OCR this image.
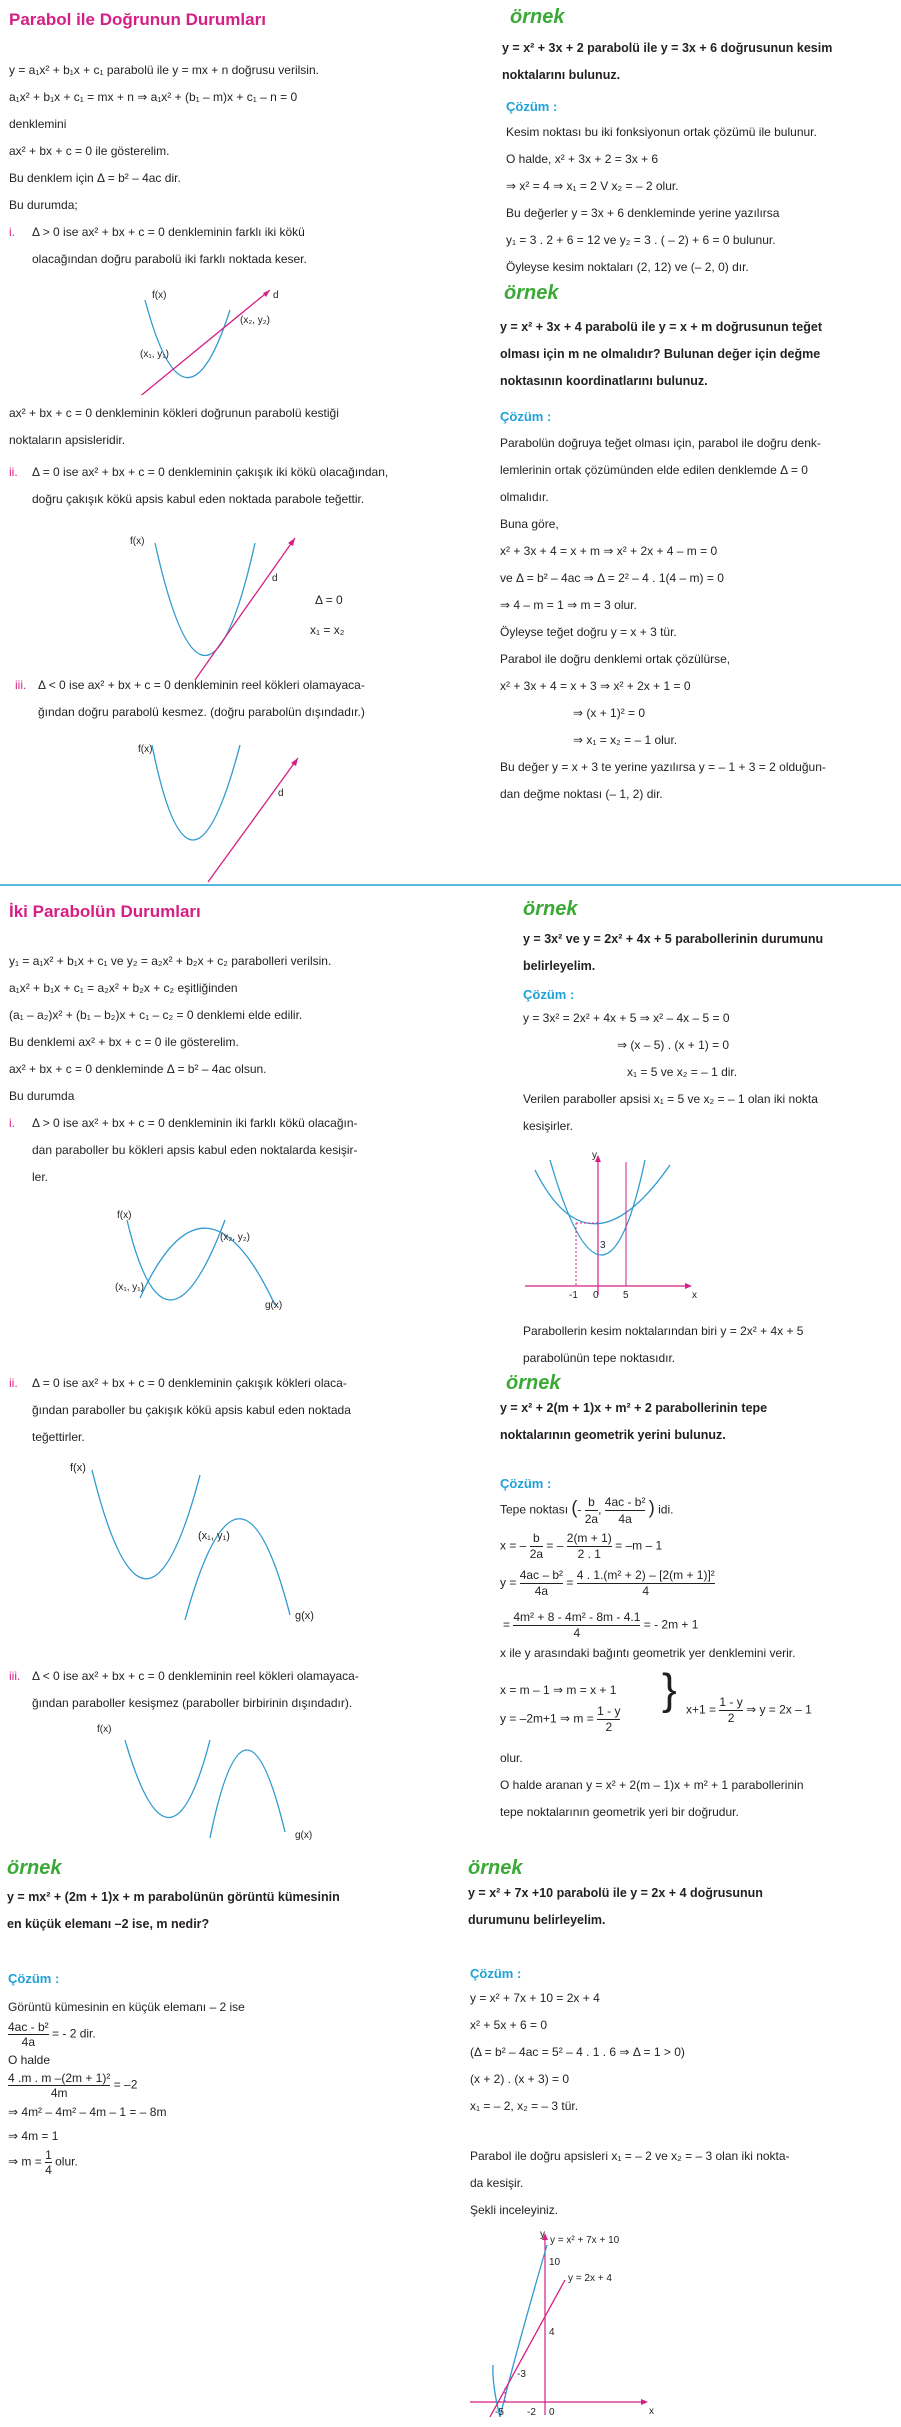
Parabol ile Doğrunun Durumları
y = a₁x² + b₁x + c₁ parabolü ile y = mx + n doğrusu verilsin.
a₁x² + b₁x + c₁ = mx + n ⇒ a₁x² + (b₁ – m)x + c₁ – n = 0
denklemini
ax² + bx + c = 0 ile gösterelim.
Bu denklem için Δ = b² – 4ac dir.
Bu durumda;
i. Δ > 0 ise ax² + bx + c = 0 denkleminin farklı iki kökü
olacağından doğru parabolü iki farklı noktada keser.
f(x)	d
(x₁, y₁)
(x₂, y₂)
ax² + bx + c = 0 denkleminin kökleri doğrunun parabolü kestiği
noktaların apsisleridir.
ii. Δ = 0 ise ax² + bx + c = 0 denkleminin çakışık iki kökü olacağından,
doğru çakışık kökü apsis kabul eden noktada parabole teğettir.
f(x)
d
Δ = 0
x₁ = x₂
iii. Δ < 0 ise ax² + bx + c = 0 denkleminin reel kökleri olamayaca-
ğından doğru parabolü kesmez. (doğru parabolün dışındadır.)
f(x)
d
örnek
y = x² + 3x + 2 parabolü ile y = 3x + 6 doğrusunun kesim
noktalarını bulunuz.
Çözüm :
Kesim noktası bu iki fonksiyonun ortak çözümü ile bulunur.
O halde, x² + 3x + 2 = 3x + 6
⇒ x² = 4 ⇒ x₁ = 2 V x₂ = – 2 olur.
Bu değerler y = 3x + 6 denkleminde yerine yazılırsa
y₁ = 3 . 2 + 6 = 12 ve y₂ = 3 . ( – 2) + 6 = 0 bulunur.
Öyleyse kesim noktaları (2, 12) ve (– 2, 0) dır.
örnek
y = x² + 3x + 4 parabolü ile y = x + m doğrusunun teğet
olması için m ne olmalıdır? Bulunan değer için değme
noktasının koordinatlarını bulunuz.
Çözüm :
Parabolün doğruya teğet olması için, parabol ile doğru denk-
lemlerinin ortak çözümünden elde edilen denklemde Δ = 0
olmalıdır.
Buna göre,
x² + 3x + 4 = x + m ⇒ x² + 2x + 4 – m = 0
ve Δ = b² – 4ac ⇒ Δ = 2² – 4 . 1(4 – m) = 0
⇒ 4 – m = 1 ⇒ m = 3 olur.
Öyleyse teğet doğru y = x + 3 tür.
Parabol ile doğru denklemi ortak çözülürse,
x² + 3x + 4 = x + 3 ⇒ x² + 2x + 1 = 0
⇒ (x + 1)² = 0
⇒ x₁ = x₂ = – 1 olur.
Bu değer y = x + 3 te yerine yazılırsa y = – 1 + 3 = 2 olduğun-
dan değme noktası (– 1, 2) dir.
İki Parabolün Durumları
y₁ = a₁x² + b₁x + c₁ ve y₂ = a₂x² + b₂x + c₂ parabolleri verilsin.
a₁x² + b₁x + c₁ = a₂x² + b₂x + c₂ eşitliğinden
(a₁ – a₂)x² + (b₁ – b₂)x + c₁ – c₂ = 0 denklemi elde edilir.
Bu denklemi ax² + bx + c = 0 ile gösterelim.
ax² + bx + c = 0 denkleminde Δ = b² – 4ac olsun.
Bu durumda
i. Δ > 0 ise ax² + bx + c = 0 denkleminin iki farklı kökü olacağın-
dan paraboller bu kökleri apsis kabul eden noktalarda kesişir-
ler.
f(x)
g(x)
(x₁, y₁)
(x₂, y₂)
ii. Δ = 0 ise ax² + bx + c = 0 denkleminin çakışık kökleri olaca-
ğından paraboller bu çakışık kökü apsis kabul eden noktada
teğettirler.
f(x)
g(x)
(x₁, y₁)
iii. Δ < 0 ise ax² + bx + c = 0 denkleminin reel kökleri olamayaca-
ğından paraboller kesişmez (paraboller birbirinin dışındadır).
f(x)
g(x)
örnek
y = 3x² ve y = 2x² + 4x + 5 parabollerinin durumunu
belirleyelim.
Çözüm :
y = 3x² = 2x² + 4x + 5 ⇒ x² – 4x – 5 = 0
⇒ (x – 5) . (x + 1) = 0
x₁ = 5 ve x₂ = – 1 dir.
Verilen paraboller apsisi x₁ = 5 ve x₂ = – 1 olan iki nokta
kesişirler.
y
x
3
-1 0 5
Parabollerin kesim noktalarından biri y = 2x² + 4x + 5
parabolünün tepe noktasıdır.
örnek
y = x² + 2(m + 1)x + m² + 2 parabollerinin tepe
noktalarının geometrik yerini bulunuz.
Çözüm :
Tepe noktası (- $\frac{b}{2a}$ , $\frac{\text{4ac - b²}}{4a}$ ) idi.
x = – $\frac{b}{2a}$ = – $\frac{2(m + 1)}{2 . 1} = -m - 1$
$y = \frac{\text{4ac – b²}}{4a} = \frac{\text{4 . 1.(m² + 2) – [2(m + 1)]²}}{4}$
= $\frac{\text{4m² + 8 - 4m² - 8m - 4.1}}{4}$ = - 2m + 1
x ile y arasındaki bağıntı geometrik yer denklemini verir.
x = m – 1 ⇒ m = x + 1
y = –2m+1 ⇒ $m = \frac{1 - y}{2}$
} $x+1 = \frac{1 - y}{2}$ ⇒ y = 2x – 1
olur.
O halde aranan y = x² + 2(m – 1)x + m² + 1 parabollerinin
tepe noktalarının geometrik yeri bir doğrudur.
örnek
y = mx² + (2m + 1)x + m parabolünün görüntü kümesinin
en küçük elemanı –2 ise, m nedir?
Çözüm :
Görüntü kümesinin en küçük elemanı – 2 ise
$\frac{\text{4ac - b²}}{4a}$ = - 2 dir.
O halde
$\frac{\text{4 .m . m –(2m + 1)²}}{4m} = -2$
⇒ 4m² – 4m² – 4m – 1 = – 8m
⇒ 4m = 1
⇒ $m = \frac{1}{4}$ olur.
örnek
y = x² + 7x +10 parabolü ile y = 2x + 4 doğrusunun
durumunu belirleyelim.
Çözüm :
y = x² + 7x + 10 = 2x + 4
x² + 5x + 6 = 0
(Δ = b² – 4ac = 5² – 4 . 1 . 6 ⇒ Δ = 1 > 0)
(x + 2) . (x + 3) = 0
x₁ = – 2, x₂ = – 3 tür.
Parabol ile doğru apsisleri x₁ = – 2 ve x₂ = – 3 olan iki nokta-
da kesişir.
Şekli inceleyiniz.
y
x
y = x² + 7x + 10
y = 2x + 4
10
4
-3
-5 -2 0
